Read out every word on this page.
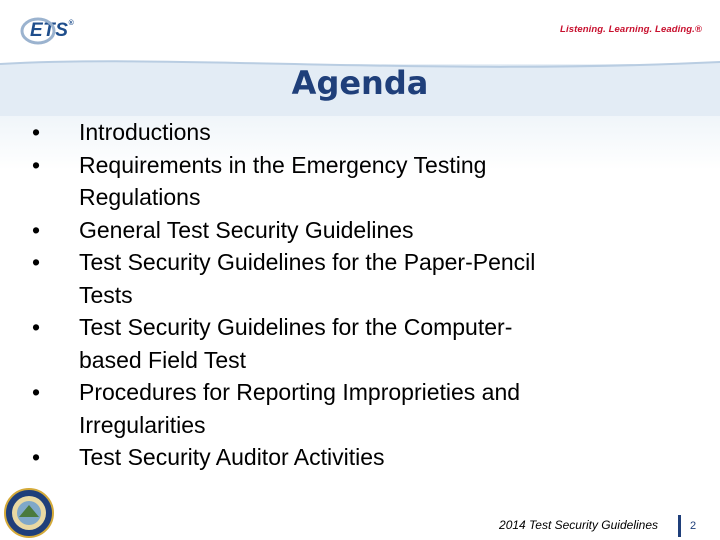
ETS®
Listening. Learning. Leading.®
Agenda
• Introductions
• Requirements in the Emergency Testing
Regulations
• General Test Security Guidelines
• Test Security Guidelines for the Paper-Pencil
Tests
• Test Security Guidelines for the Computer-
based Field Test
• Procedures for Reporting Improprieties and
Irregularities
• Test Security Auditor Activities
2014 Test Security Guidelines	2
